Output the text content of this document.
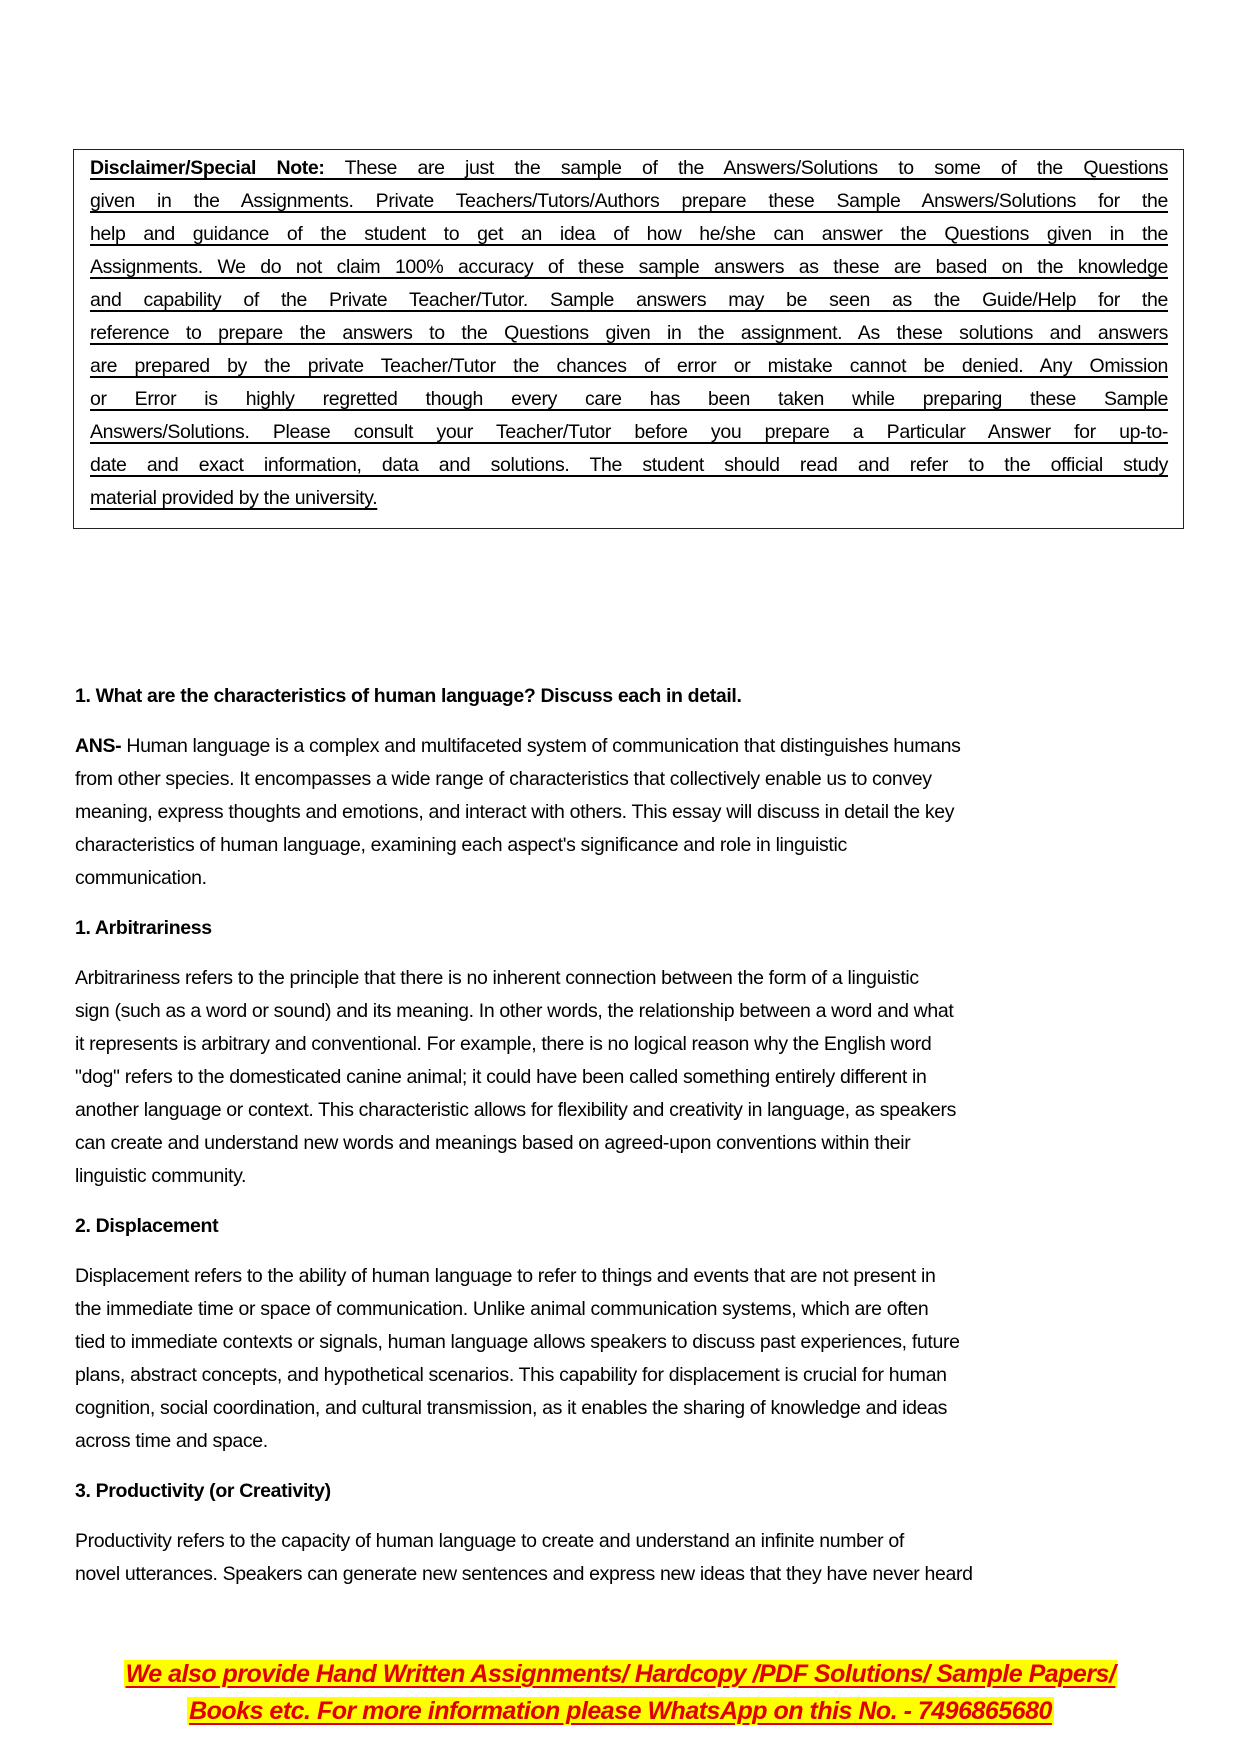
Disclaimer/Special Note: These are just the sample of the Answers/Solutions to some of the Questions
given in the Assignments. Private Teachers/Tutors/Authors prepare these Sample Answers/Solutions for the
help and guidance of the student to get an idea of how he/she can answer the Questions given in the
Assignments. We do not claim 100% accuracy of these sample answers as these are based on the knowledge
and capability of the Private Teacher/Tutor. Sample answers may be seen as the Guide/Help for the
reference to prepare the answers to the Questions given in the assignment. As these solutions and answers
are prepared by the private Teacher/Tutor the chances of error or mistake cannot be denied. Any Omission
or Error is highly regretted though every care has been taken while preparing these Sample
Answers/Solutions. Please consult your Teacher/Tutor before you prepare a Particular Answer for up-to-
date and exact information, data and solutions. The student should read and refer to the official study
material provided by the university.
1. What are the characteristics of human language? Discuss each in detail.
ANS- Human language is a complex and multifaceted system of communication that distinguishes humans
from other species. It encompasses a wide range of characteristics that collectively enable us to convey
meaning, express thoughts and emotions, and interact with others. This essay will discuss in detail the key
characteristics of human language, examining each aspect's significance and role in linguistic
communication.
1. Arbitrariness
Arbitrariness refers to the principle that there is no inherent connection between the form of a linguistic
sign (such as a word or sound) and its meaning. In other words, the relationship between a word and what
it represents is arbitrary and conventional. For example, there is no logical reason why the English word
"dog" refers to the domesticated canine animal; it could have been called something entirely different in
another language or context. This characteristic allows for flexibility and creativity in language, as speakers
can create and understand new words and meanings based on agreed-upon conventions within their
linguistic community.
2. Displacement
Displacement refers to the ability of human language to refer to things and events that are not present in
the immediate time or space of communication. Unlike animal communication systems, which are often
tied to immediate contexts or signals, human language allows speakers to discuss past experiences, future
plans, abstract concepts, and hypothetical scenarios. This capability for displacement is crucial for human
cognition, social coordination, and cultural transmission, as it enables the sharing of knowledge and ideas
across time and space.
3. Productivity (or Creativity)
Productivity refers to the capacity of human language to create and understand an infinite number of
novel utterances. Speakers can generate new sentences and express new ideas that they have never heard
We also provide Hand Written Assignments/ Hardcopy /PDF Solutions/ Sample Papers/
Books etc. For more information please WhatsApp on this No. - 7496865680
